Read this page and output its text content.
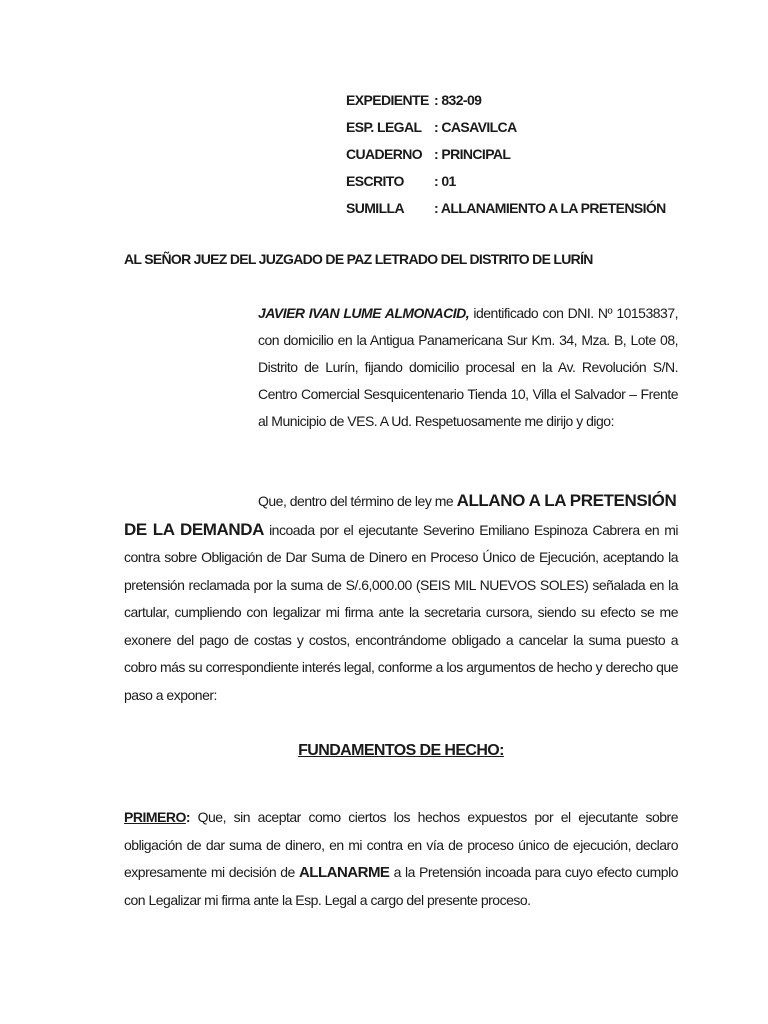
EXPEDIENTE : 832-09
ESP. LEGAL : CASAVILCA
CUADERNO : PRINCIPAL
ESCRITO : 01
SUMILLA : ALLANAMIENTO A LA PRETENSIÓN
AL SEÑOR JUEZ DEL JUZGADO DE PAZ LETRADO DEL DISTRITO DE LURÍN
JAVIER IVAN LUME ALMONACID, identificado con DNI. Nº 10153837, con domicilio en la Antigua Panamericana Sur Km. 34, Mza. B, Lote 08, Distrito de Lurín, fijando domicilio procesal en la Av. Revolución S/N. Centro Comercial Sesquicentenario Tienda 10, Villa el Salvador – Frente al Municipio de VES. A Ud. Respetuosamente me dirijo y digo:
Que, dentro del término de ley me ALLANO A LA PRETENSIÓN
DE LA DEMANDA incoada por el ejecutante Severino Emiliano Espinoza Cabrera en mi contra sobre Obligación de Dar Suma de Dinero en Proceso Único de Ejecución, aceptando la pretensión reclamada por la suma de S/.6,000.00 (SEIS MIL NUEVOS SOLES) señalada en la cartular, cumpliendo con legalizar mi firma ante la secretaria cursora, siendo su efecto se me exonere del pago de costas y costos, encontrándome obligado a cancelar la suma puesto a cobro más su correspondiente interés legal, conforme a los argumentos de hecho y derecho que paso a exponer:
FUNDAMENTOS DE HECHO:
PRIMERO: Que, sin aceptar como ciertos los hechos expuestos por el ejecutante sobre obligación de dar suma de dinero, en mi contra en vía de proceso único de ejecución, declaro expresamente mi decisión de ALLANARME a la Pretensión incoada para cuyo efecto cumplo con Legalizar mi firma ante la Esp. Legal a cargo del presente proceso.
